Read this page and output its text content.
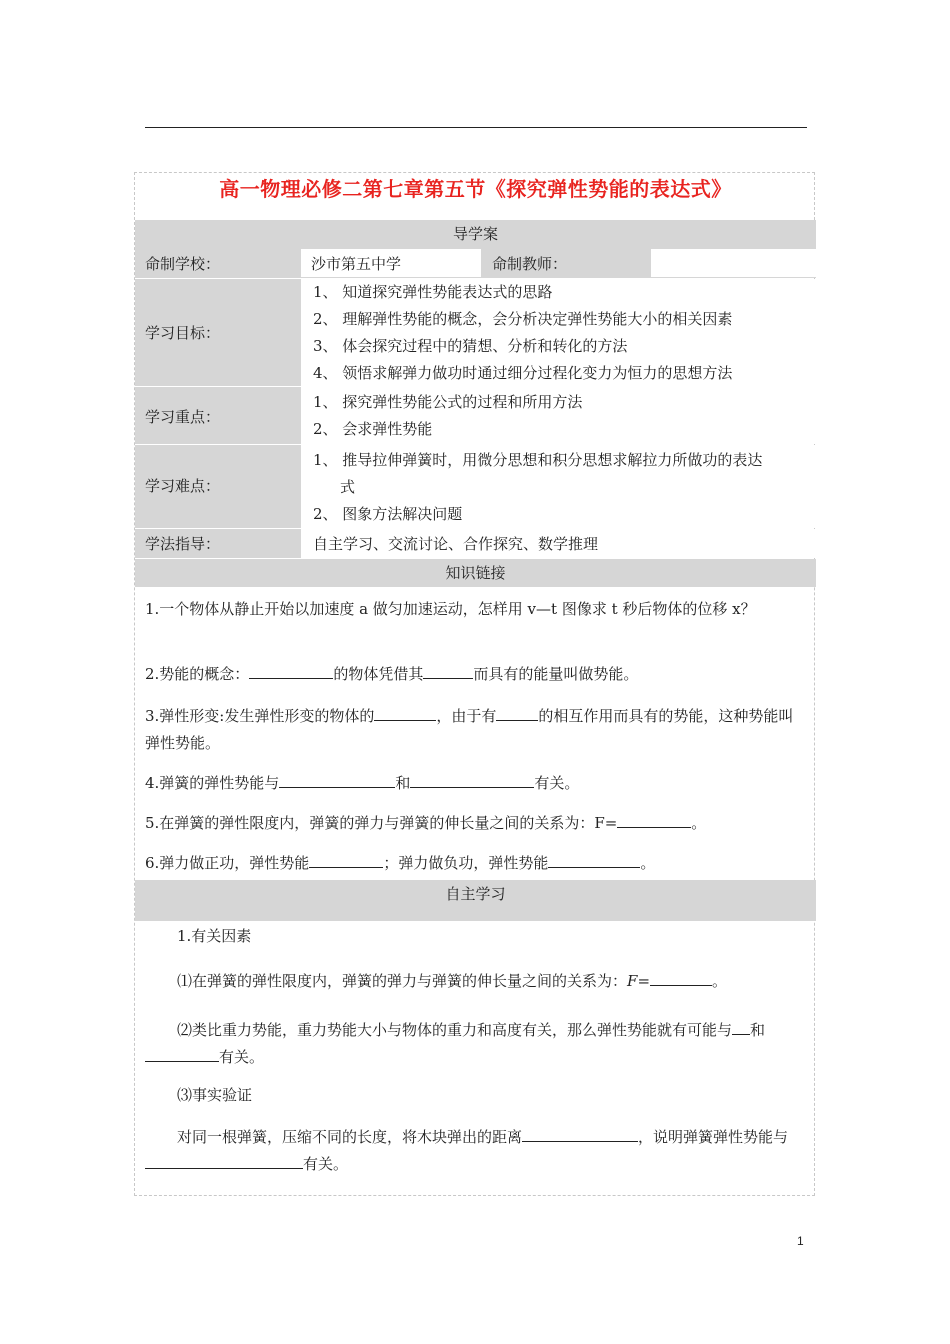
高一物理必修二第七章第五节《探究弹性势能的表达式》
导学案
命制学校：	沙市第五中学	命制教师：
学习目标：
1、 知道探究弹性势能表达式的思路
2、 理解弹性势能的概念，会分析决定弹性势能大小的相关因素
3、 体会探究过程中的猜想、分析和转化的方法
4、 领悟求解弹力做功时通过细分过程化变力为恒力的思想方法
学习重点：
1、 探究弹性势能公式的过程和所用方法
2、 会求弹性势能
学习难点：
1、 推导拉伸弹簧时，用微分思想和积分思想求解拉力所做功的表达
式
2、 图象方法解决问题
学法指导：	自主学习、交流讨论、合作探究、数学推理
知识链接
1.一个物体从静止开始以加速度 a 做匀加速运动，怎样用 v—t 图像求 t 秒后物体的位移 x？
2.势能的概念：	的物体凭借其	而具有的能量叫做势能。
3.弹性形变:发生弹性形变的物体的	，由于有	的相互作用而具有的势能，这种势能叫弹性势能。
4.弹簧的弹性势能与	和	有关。
5.在弹簧的弹性限度内，弹簧的弹力与弹簧的伸长量之间的关系为：F=	。
6.弹力做正功，弹性势能	；弹力做负功，弹性势能	。
自主学习
1.有关因素
⑴在弹簧的弹性限度内，弹簧的弹力与弹簧的伸长量之间的关系为：F=	。
⑵类比重力势能，重力势能大小与物体的重力和高度有关，那么弹性势能就有可能与 和有关。
⑶事实验证
对同一根弹簧，压缩不同的长度，将木块弹出的距离	，说明弹簧弹性势能与有关。
1
